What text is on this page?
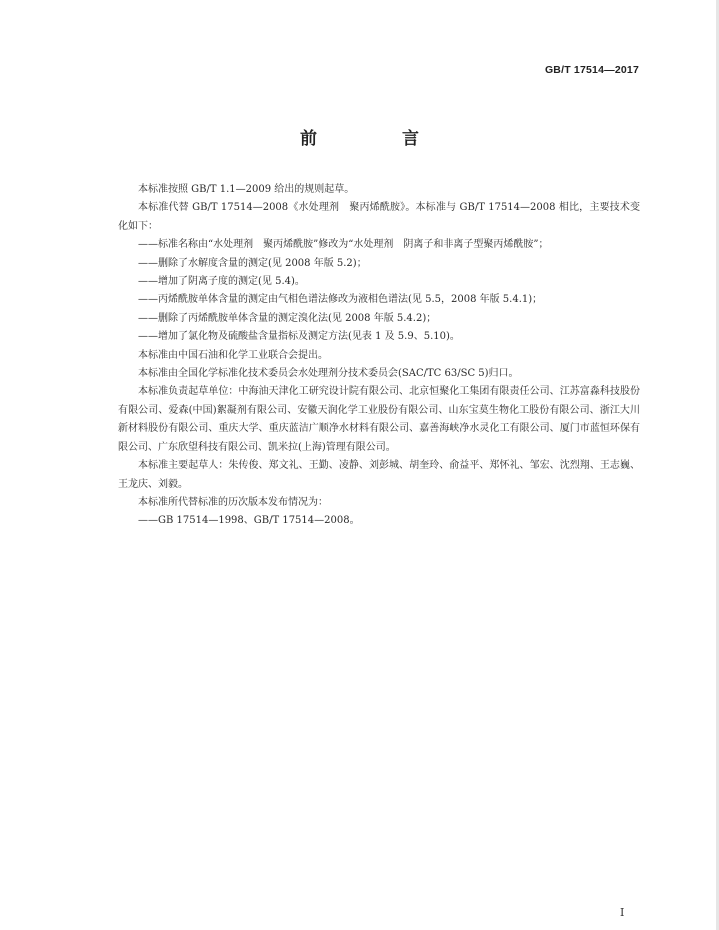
GB/T 17514—2017
前　言

本标准按照 GB/T 1.1—2009 给出的规则起草。

本标准代替 GB/T 17514—2008《水处理剂　聚丙烯酰胺》。本标准与 GB/T 17514—2008 相比，主要技术变化如下：

——标准名称由“水处理剂　聚丙烯酰胺”修改为“水处理剂　阴离子和非离子型聚丙烯酰胺”；

——删除了水解度含量的测定(见 2008 年版 5.2)；

——增加了阴离子度的测定(见 5.4)。

——丙烯酰胺单体含量的测定由气相色谱法修改为液相色谱法(见 5.5，2008 年版 5.4.1)；

——删除了丙烯酰胺单体含量的测定溴化法(见 2008 年版 5.4.2)；

——增加了氯化物及硫酸盐含量指标及测定方法(见表 1 及 5.9、5.10)。

本标准由中国石油和化学工业联合会提出。

本标准由全国化学标准化技术委员会水处理剂分技术委员会(SAC/TC 63/SC 5)归口。

本标准负责起草单位：中海油天津化工研究设计院有限公司、北京恒聚化工集团有限责任公司、江苏富淼科技股份有限公司、爱森(中国)絮凝剂有限公司、安徽天润化学工业股份有限公司、山东宝莫生物化工股份有限公司、浙江大川新材料股份有限公司、重庆大学、重庆蓝洁广顺净水材料有限公司、嘉善海峡净水灵化工有限公司、厦门市蓝恒环保有限公司、广东欣望科技有限公司、凯米拉(上海)管理有限公司。

本标准主要起草人：朱传俊、郑文礼、王勤、凌静、刘彭城、胡奎玲、俞益平、郑怀礼、邹宏、沈烈翔、王志巍、王龙庆、刘毅。

本标准所代替标准的历次版本发布情况为：

——GB 17514—1998、GB/T 17514—2008。

I
